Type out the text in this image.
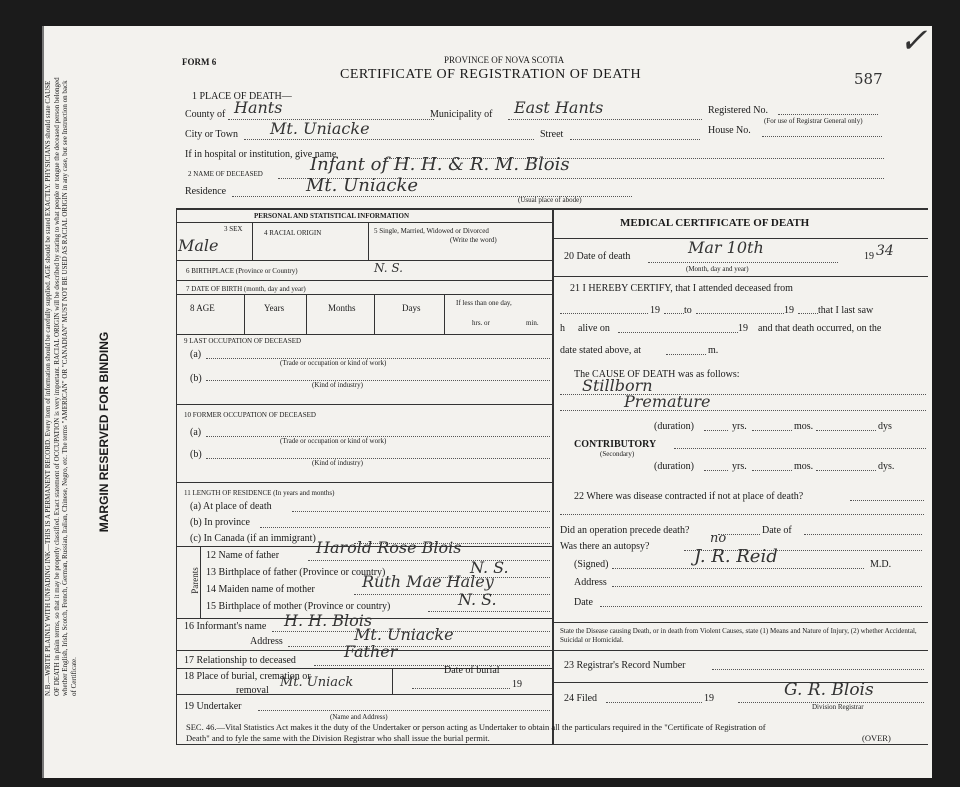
MARGIN RESERVED FOR BINDING
N.B.—WRITE PLAINLY WITH UNFADING INK—THIS IS A PERMANENT RECORD. Every item of information should be carefully supplied. AGE should be stated EXACTLY. PHYSICIANS should state CAUSE OF DEATH in plain terms, so that it may be properly classified. Exact statement of OCCUPATION is very important. RACIAL ORIGIN will be described by stating to what people or tongue the deceased person belonged whether English, Irish, Scotch, French, German, Russian, Italian, Chinese, Negro, etc. The terms "AMERICAN" OR "CANADIAN" MUST NOT BE USED AS RACIAL ORIGIN in any case, but see Instruction on back of Certificate.
FORM 6	PROVINCE OF NOVA SCOTIA
CERTIFICATE OF REGISTRATION OF DEATH	587
✓
1 PLACE OF DEATH—
County of Hants	Municipality of East Hants	Registered No.
(For use of Registrar General only)
City or Town Mt. Uniacke	Street	House No.
If in hospital or institution, give name
2 NAME OF DECEASED	Infant of H. H. & R. M. Blois
Residence	Mt. Uniacke
(Usual place of abode)
PERSONAL AND STATISTICAL INFORMATION
3 SEX
Male
4 RACIAL ORIGIN	5 Single, Married, Widowed or Divorced
(Write the word)
6 BIRTHPLACE (Province or Country)	N. S.
7 DATE OF BIRTH (month, day and year)
8 AGE	Years	Months	Days	If less than one day,
hrs. or	min.
9 LAST OCCUPATION OF DECEASED
(a)
(Trade or occupation or kind of work)
(b)
(Kind of industry)
10 FORMER OCCUPATION OF DECEASED
(a)
(Trade or occupation or kind of work)
(b)
(Kind of industry)
11 LENGTH OF RESIDENCE (In years and months)
(a) At place of death
(b) In province
(c) In Canada (if an immigrant)
Parents
12 Name of father Harold Rose Blois
13 Birthplace of father (Province or country)	N. S.
14 Maiden name of mother	Ruth Mae Haley
15 Birthplace of mother (Province or country)	N. S.
16 Informant's name H. H. Blois
Address	Mt. Uniacke
17 Relationship to deceased	Father
18 Place of burial, cremation or
removal
Mt. Uniack
Date of burial
19
19 Undertaker
(Name and Address)
MEDICAL CERTIFICATE OF DEATH
20 Date of death	Mar 10th
(Month, day and year)
19 34
21 I HEREBY CERTIFY, that I attended deceased from
19 to	19 that I last saw
h alive on	19 and that death occurred, on the
date stated above, at	m.
The CAUSE OF DEATH was as follows:
Stillborn
Premature
(duration)	yrs.	mos.	dys
CONTRIBUTORY
(Secondary)
(duration)	yrs.	mos.	dys.
22 Where was disease contracted if not at place of death?
Did an operation precede death?	Date of
Was there an autopsy?
no
(Signed)	J. R. Reid	M.D.
Address
Date
State the Disease causing Death, or in death from Violent Causes, state (1) Means and Nature of Injury, (2) whether Accidental, Suicidal or Homicidal.
23 Registrar's Record Number
24 Filed	19	G. R. Blois
Division Registrar
SEC. 46.—Vital Statistics Act makes it the duty of the Undertaker or person acting as Undertaker to obtain all the particulars required in the "Certificate of Registration of
Death" and to fyle the same with the Division Registrar who shall issue the burial permit.	(OVER)
